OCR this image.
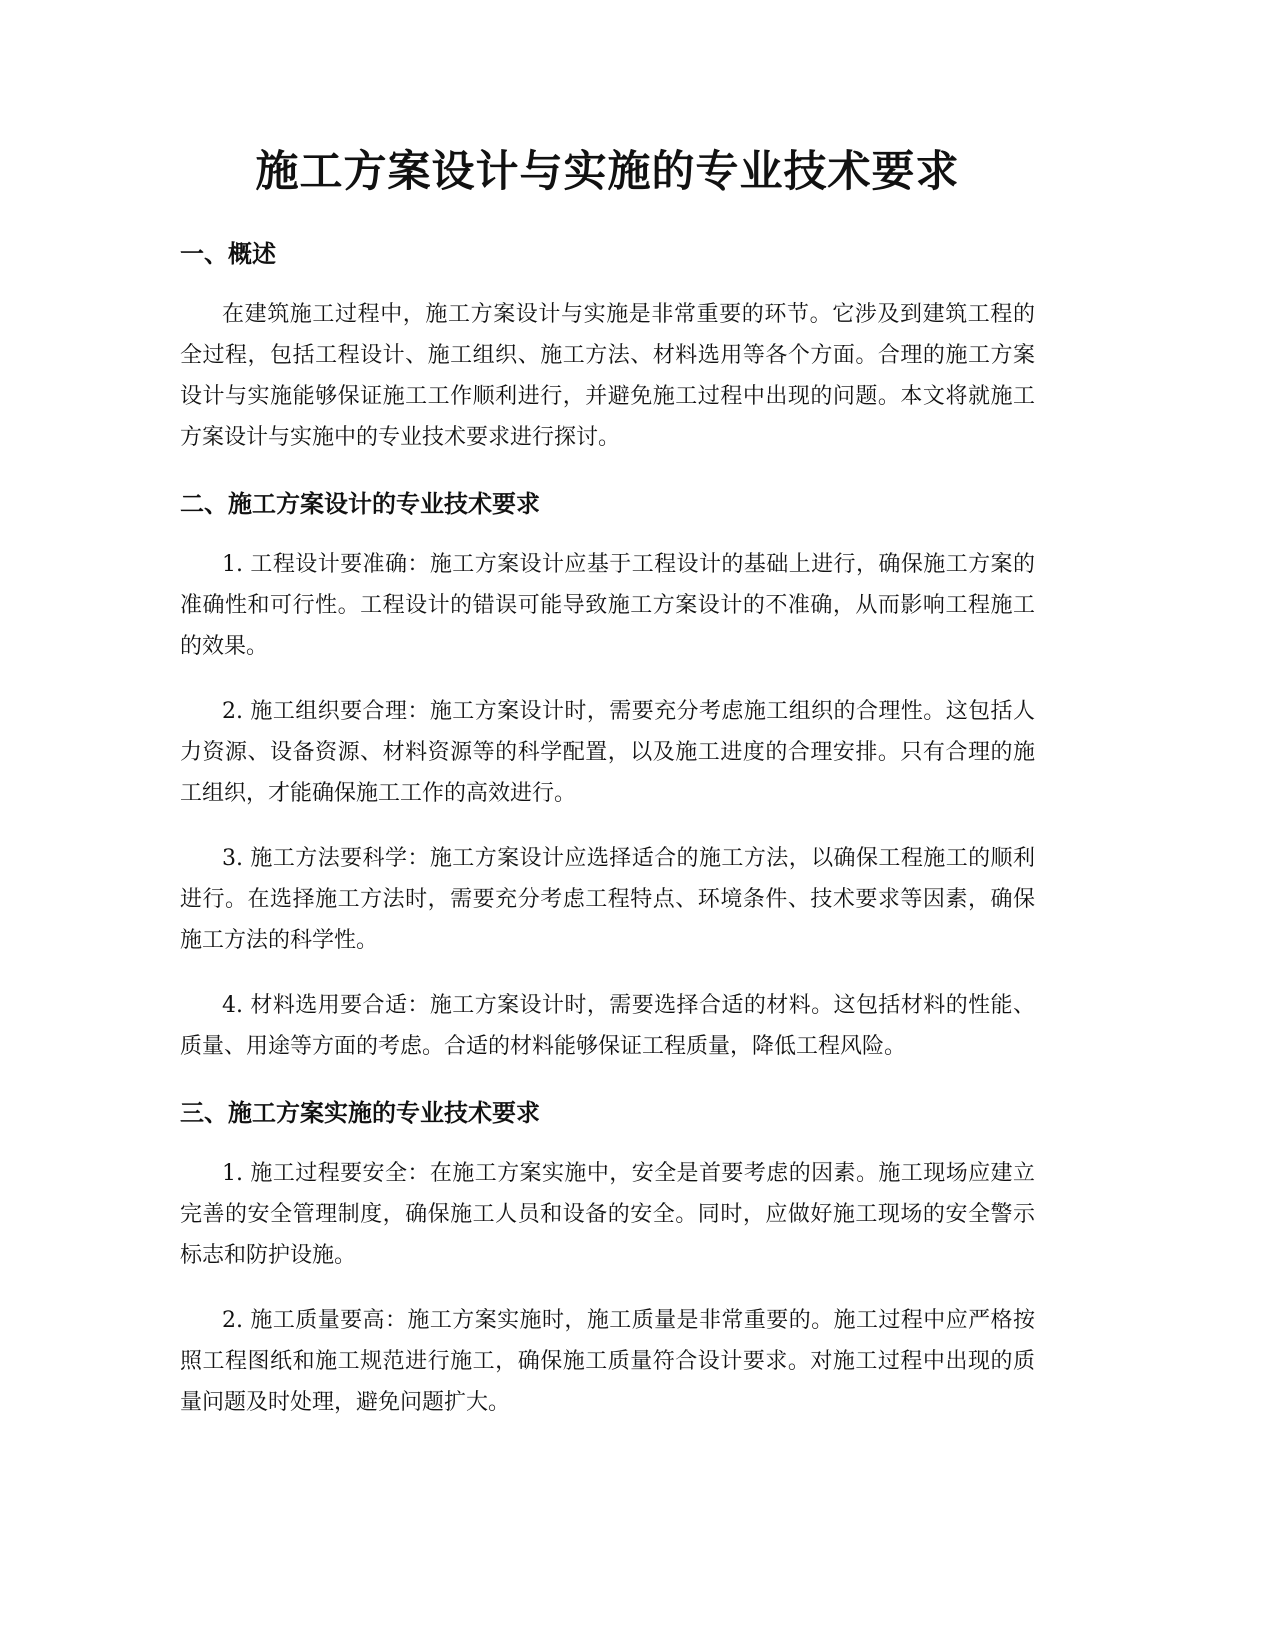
施工方案设计与实施的专业技术要求
一、概述

在建筑施工过程中，施工方案设计与实施是非常重要的环节。它涉及到建筑工程的全过程，包括工程设计、施工组织、施工方法、材料选用等各个方面。合理的施工方案设计与实施能够保证施工工作顺利进行，并避免施工过程中出现的问题。本文将就施工方案设计与实施中的专业技术要求进行探讨。

二、施工方案设计的专业技术要求

1. 工程设计要准确：施工方案设计应基于工程设计的基础上进行，确保施工方案的准确性和可行性。工程设计的错误可能导致施工方案设计的不准确，从而影响工程施工的效果。

2. 施工组织要合理：施工方案设计时，需要充分考虑施工组织的合理性。这包括人力资源、设备资源、材料资源等的科学配置，以及施工进度的合理安排。只有合理的施工组织，才能确保施工工作的高效进行。

3. 施工方法要科学：施工方案设计应选择适合的施工方法，以确保工程施工的顺利进行。在选择施工方法时，需要充分考虑工程特点、环境条件、技术要求等因素，确保施工方法的科学性。

4. 材料选用要合适：施工方案设计时，需要选择合适的材料。这包括材料的性能、质量、用途等方面的考虑。合适的材料能够保证工程质量，降低工程风险。

三、施工方案实施的专业技术要求

1. 施工过程要安全：在施工方案实施中，安全是首要考虑的因素。施工现场应建立完善的安全管理制度，确保施工人员和设备的安全。同时，应做好施工现场的安全警示标志和防护设施。

2. 施工质量要高：施工方案实施时，施工质量是非常重要的。施工过程中应严格按照工程图纸和施工规范进行施工，确保施工质量符合设计要求。对施工过程中出现的质量问题及时处理，避免问题扩大。
